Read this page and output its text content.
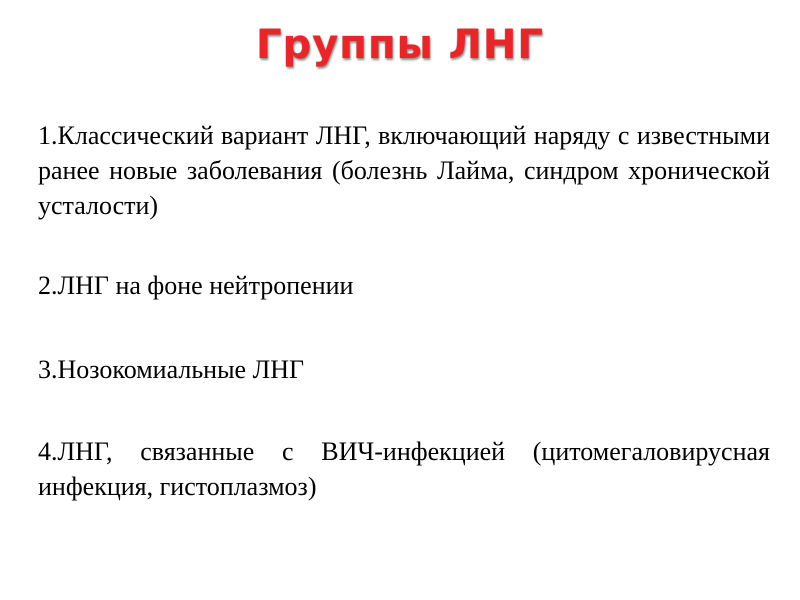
Группы ЛНГ
1.Классический вариант ЛНГ, включающий наряду с известными ранее новые заболевания (болезнь Лайма, синдром хронической усталости)
2.ЛНГ на фоне нейтропении
3.Нозокомиальные ЛНГ
4.ЛНГ, связанные с ВИЧ-инфекцией (цитомегаловирусная инфекция, гистоплазмоз)
